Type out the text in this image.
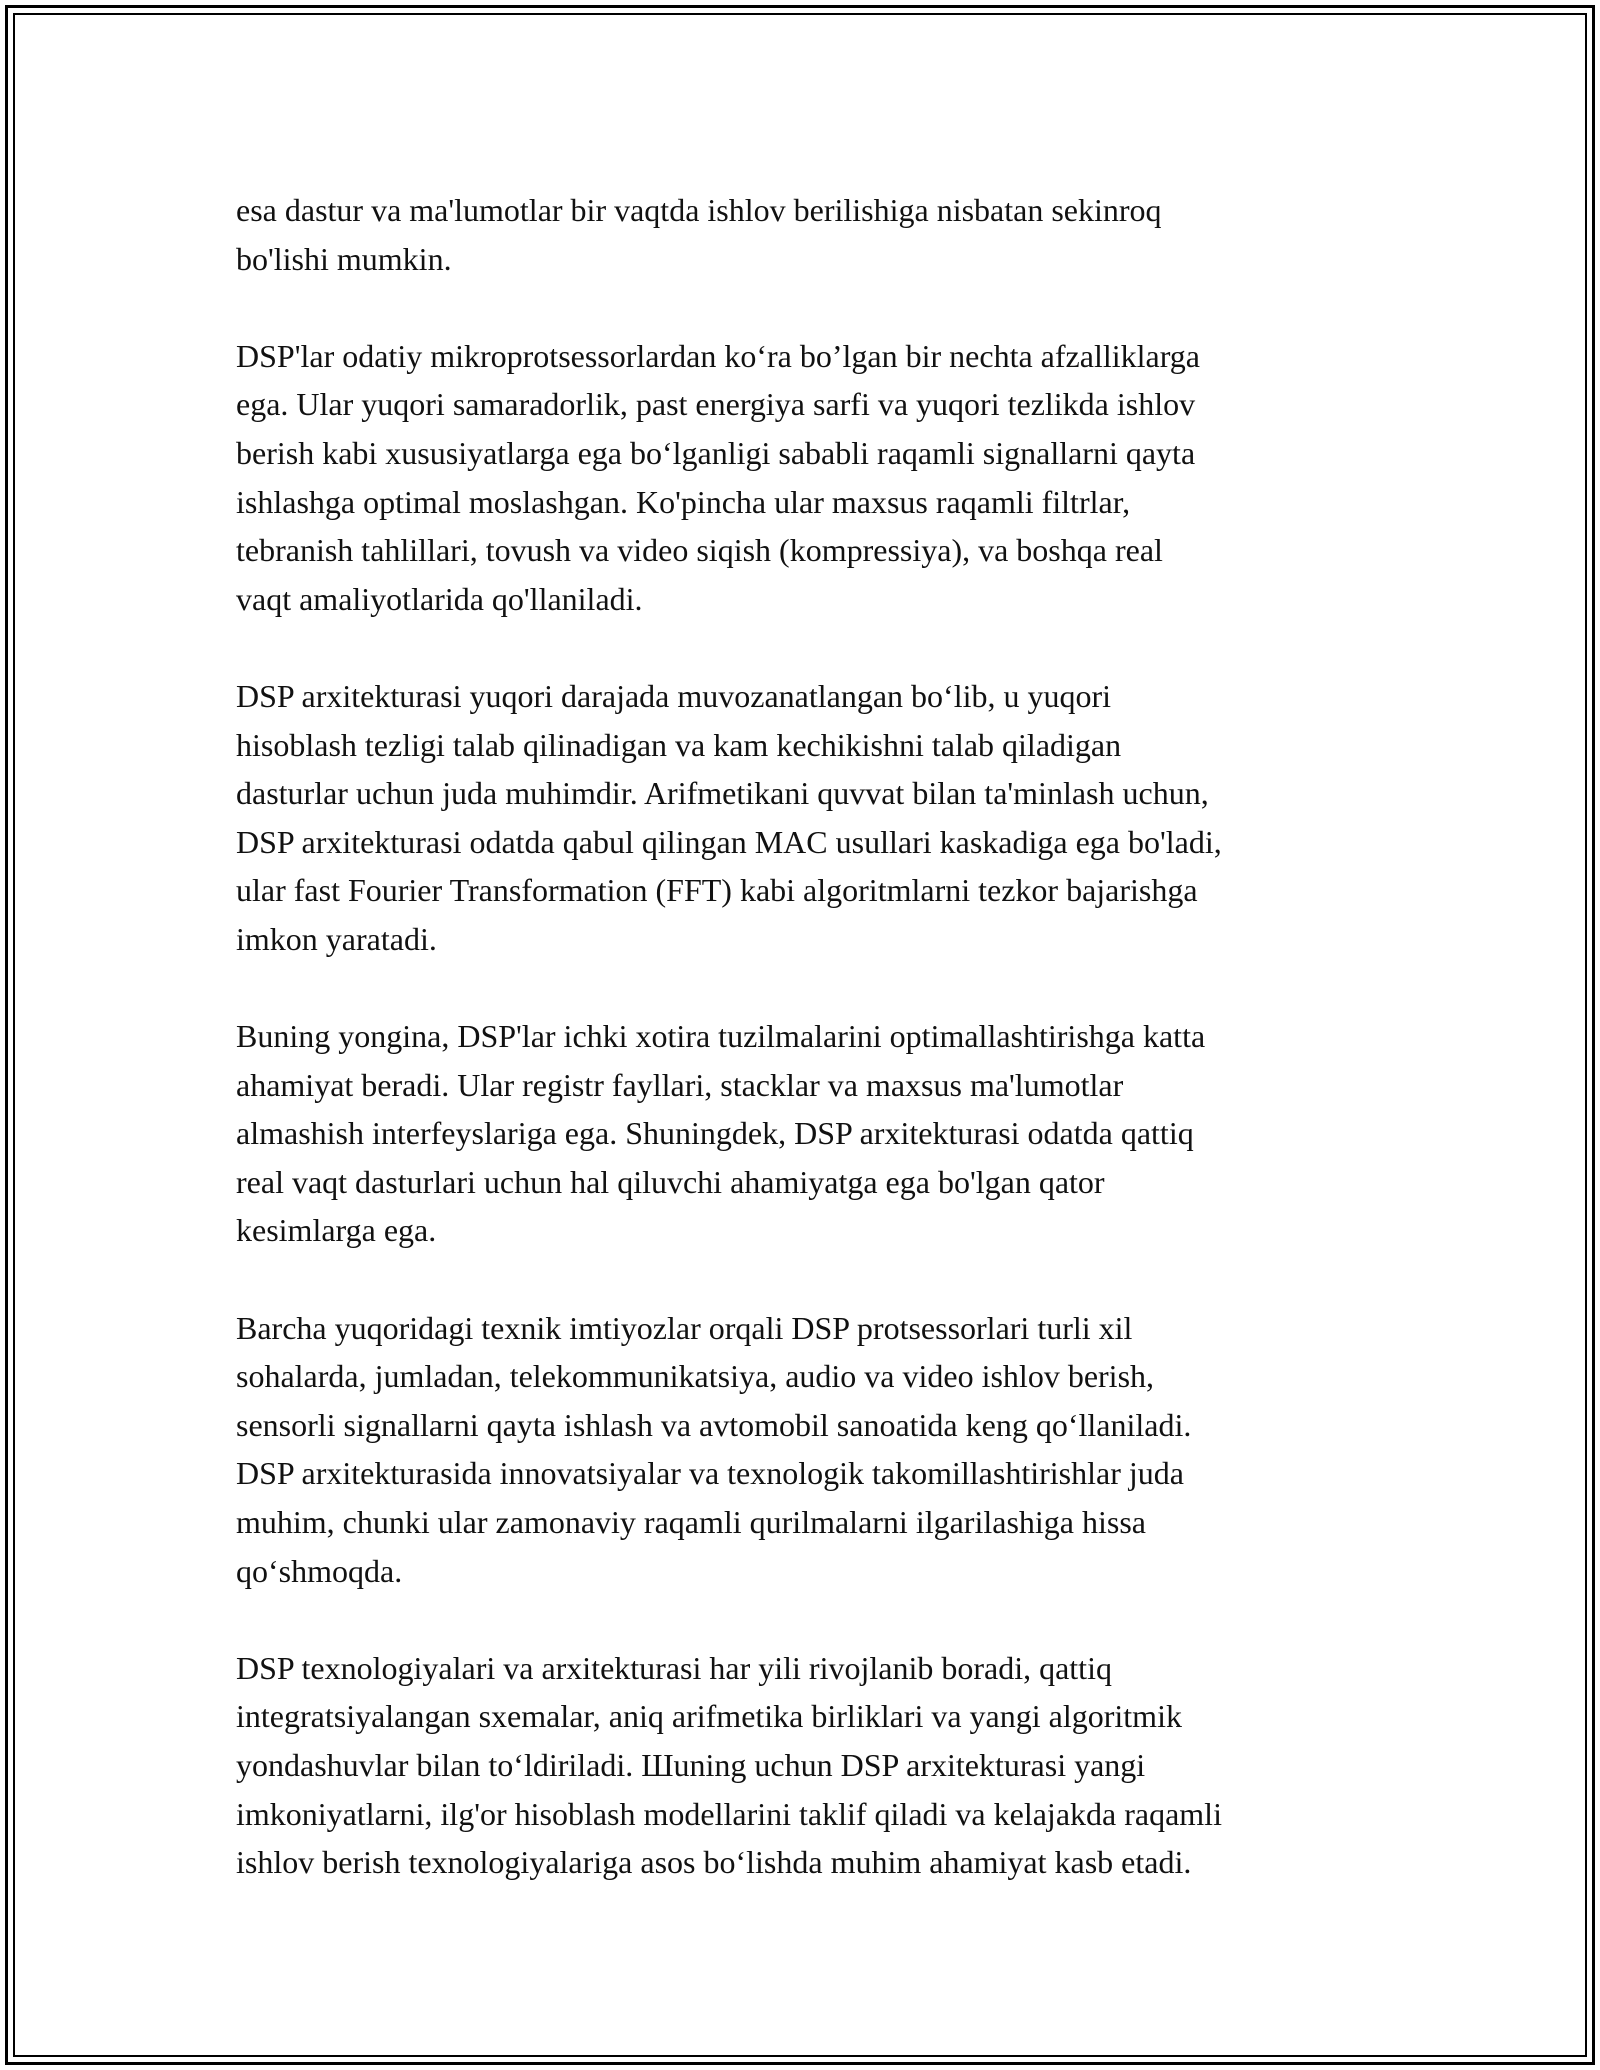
esa dastur va ma'lumotlar bir vaqtda ishlov berilishiga nisbatan sekinroq
bo'lishi mumkin.

DSP'lar odatiy mikroprotsessorlardan ko‘ra bo’lgan bir nechta afzalliklarga
ega. Ular yuqori samaradorlik, past energiya sarfi va yuqori tezlikda ishlov
berish kabi xususiyatlarga ega bo‘lganligi sababli raqamli signallarni qayta
ishlashga optimal moslashgan. Ko'pincha ular maxsus raqamli filtrlar,
tebranish tahlillari, tovush va video siqish (kompressiya), va boshqa real
vaqt amaliyotlarida qo'llaniladi.

DSP arxitekturasi yuqori darajada muvozanatlangan bo‘lib, u yuqori
hisoblash tezligi talab qilinadigan va kam kechikishni talab qiladigan
dasturlar uchun juda muhimdir. Arifmetikani quvvat bilan ta'minlash uchun,
DSP arxitekturasi odatda qabul qilingan MAC usullari kaskadiga ega bo'ladi,
ular fast Fourier Transformation (FFT) kabi algoritmlarni tezkor bajarishga
imkon yaratadi.

Buning yongina, DSP'lar ichki xotira tuzilmalarini optimallashtirishga katta
ahamiyat beradi. Ular registr fayllari, stacklar va maxsus ma'lumotlar
almashish interfeyslariga ega. Shuningdek, DSP arxitekturasi odatda qattiq
real vaqt dasturlari uchun hal qiluvchi ahamiyatga ega bo'lgan qator
kesimlarga ega.

Barcha yuqoridagi texnik imtiyozlar orqali DSP protsessorlari turli xil
sohalarda, jumladan, telekommunikatsiya, audio va video ishlov berish,
sensorli signallarni qayta ishlash va avtomobil sanoatida keng qo‘llaniladi.
DSP arxitekturasida innovatsiyalar va texnologik takomillashtirishlar juda
muhim, chunki ular zamonaviy raqamli qurilmalarni ilgarilashiga hissa
qo‘shmoqda.

DSP texnologiyalari va arxitekturasi har yili rivojlanib boradi, qattiq
integratsiyalangan sxemalar, aniq arifmetika birliklari va yangi algoritmik
yondashuvlar bilan to‘ldiriladi. Шuning uchun DSP arxitekturasi yangi
imkoniyatlarni, ilg'or hisoblash modellarini taklif qiladi va kelajakda raqamli
ishlov berish texnologiyalariga asos bo‘lishda muhim ahamiyat kasb etadi.
